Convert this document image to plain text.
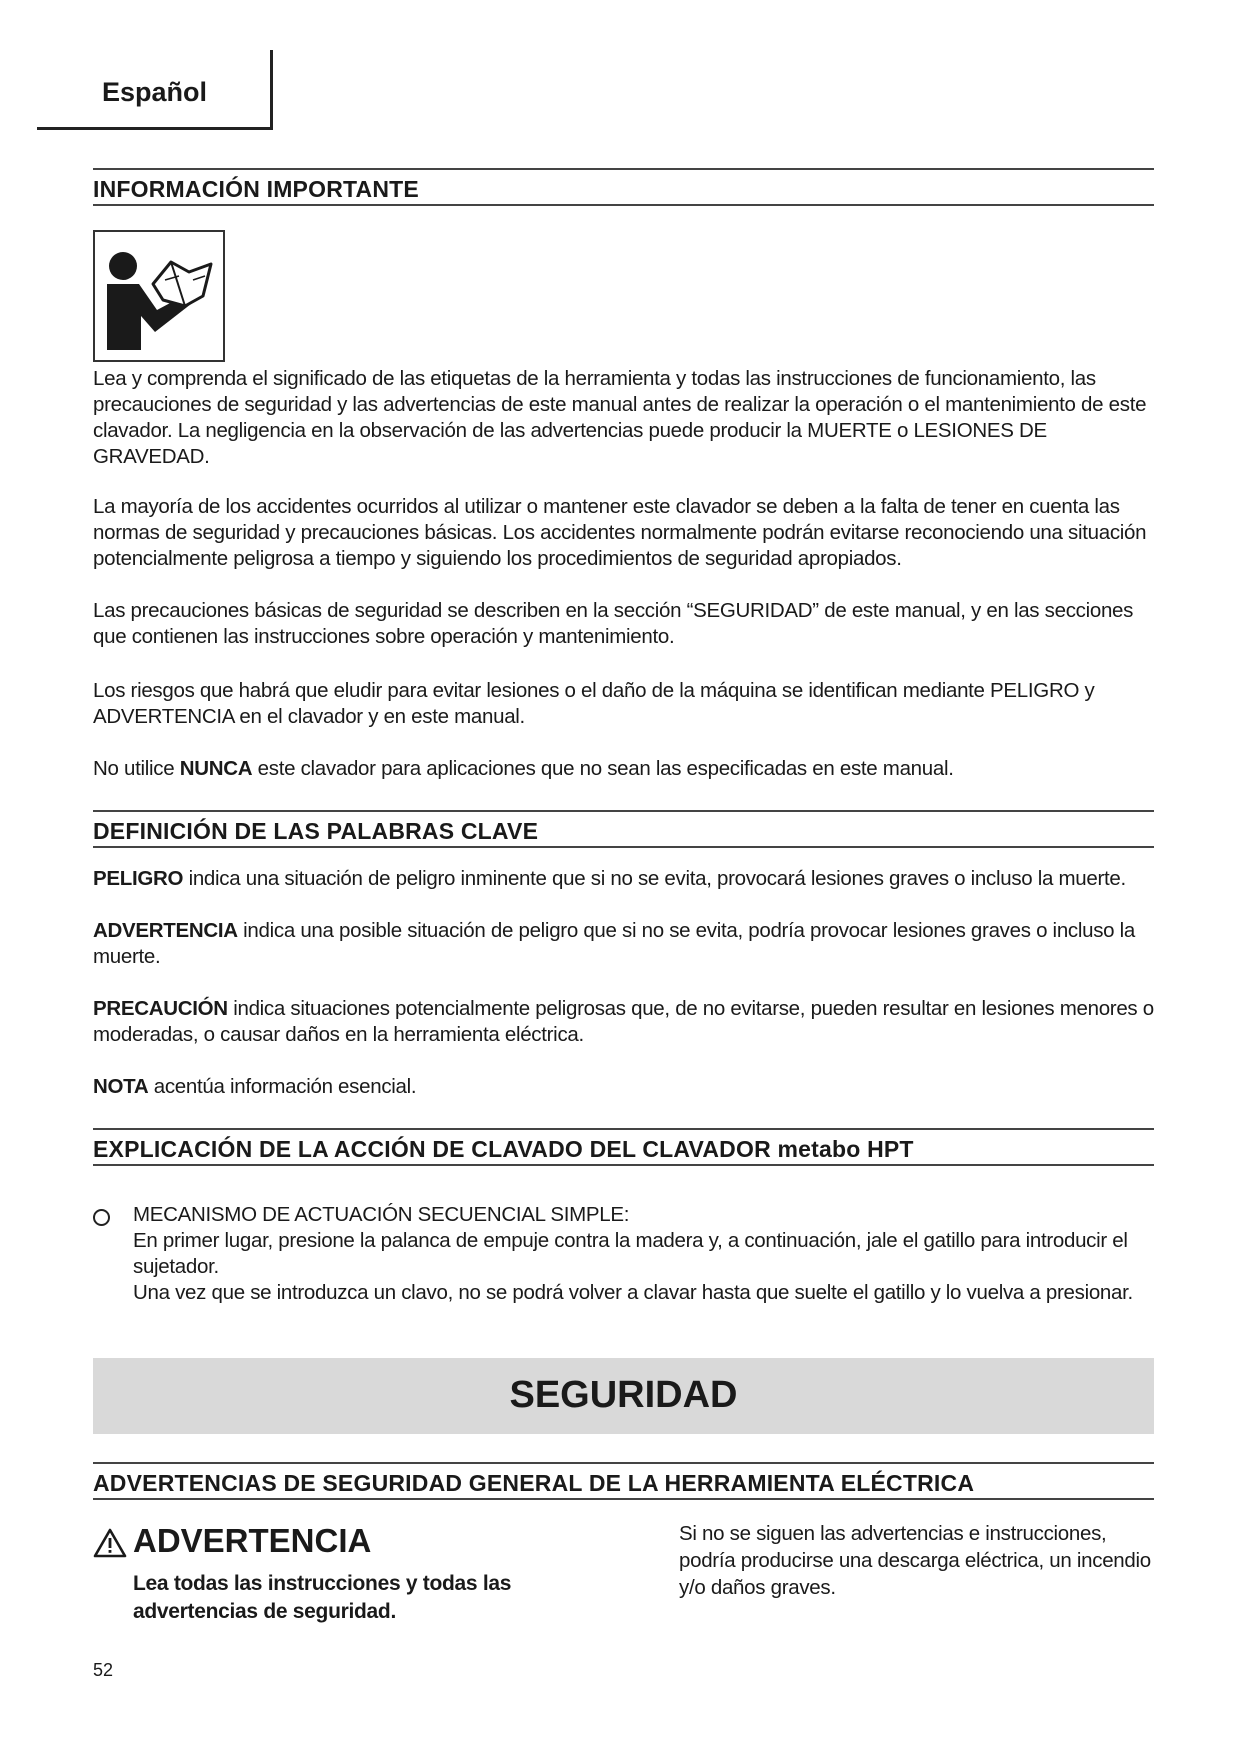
Español
INFORMACIÓN IMPORTANTE

Lea y comprenda el significado de las etiquetas de la herramienta y todas las instrucciones de funcionamiento, las precauciones de seguridad y las advertencias de este manual antes de realizar la operación o el mantenimiento de este clavador. La negligencia en la observación de las advertencias puede producir la MUERTE o LESIONES DE GRAVEDAD.

La mayoría de los accidentes ocurridos al utilizar o mantener este clavador se deben a la falta de tener en cuenta las normas de seguridad y precauciones básicas. Los accidentes normalmente podrán evitarse reconociendo una situación potencialmente peligrosa a tiempo y siguiendo los procedimientos de seguridad apropiados.

Las precauciones básicas de seguridad se describen en la sección “SEGURIDAD” de este manual, y en las secciones que contienen las instrucciones sobre operación y mantenimiento.

Los riesgos que habrá que eludir para evitar lesiones o el daño de la máquina se identifican mediante PELIGRO y ADVERTENCIA en el clavador y en este manual.

No utilice NUNCA este clavador para aplicaciones que no sean las especificadas en este manual.

DEFINICIÓN DE LAS PALABRAS CLAVE

PELIGRO indica una situación de peligro inminente que si no se evita, provocará lesiones graves o incluso la muerte.

ADVERTENCIA indica una posible situación de peligro que si no se evita, podría provocar lesiones graves o incluso la muerte.

PRECAUCIÓN indica situaciones potencialmente peligrosas que, de no evitarse, pueden resultar en lesiones menores o moderadas, o causar daños en la herramienta eléctrica.

NOTA acentúa información esencial.

EXPLICACIÓN DE LA ACCIÓN DE CLAVADO DEL CLAVADOR metabo HPT

MECANISMO DE ACTUACIÓN SECUENCIAL SIMPLE:
En primer lugar, presione la palanca de empuje contra la madera y, a continuación, jale el gatillo para introducir el sujetador.
Una vez que se introduzca un clavo, no se podrá volver a clavar hasta que suelte el gatillo y lo vuelva a presionar.

SEGURIDAD
ADVERTENCIAS DE SEGURIDAD GENERAL DE LA HERRAMIENTA ELÉCTRICA
ADVERTENCIA

Lea todas las instrucciones y todas las advertencias de seguridad.

Si no se siguen las advertencias e instrucciones, podría producirse una descarga eléctrica, un incendio y/o daños graves.

52
